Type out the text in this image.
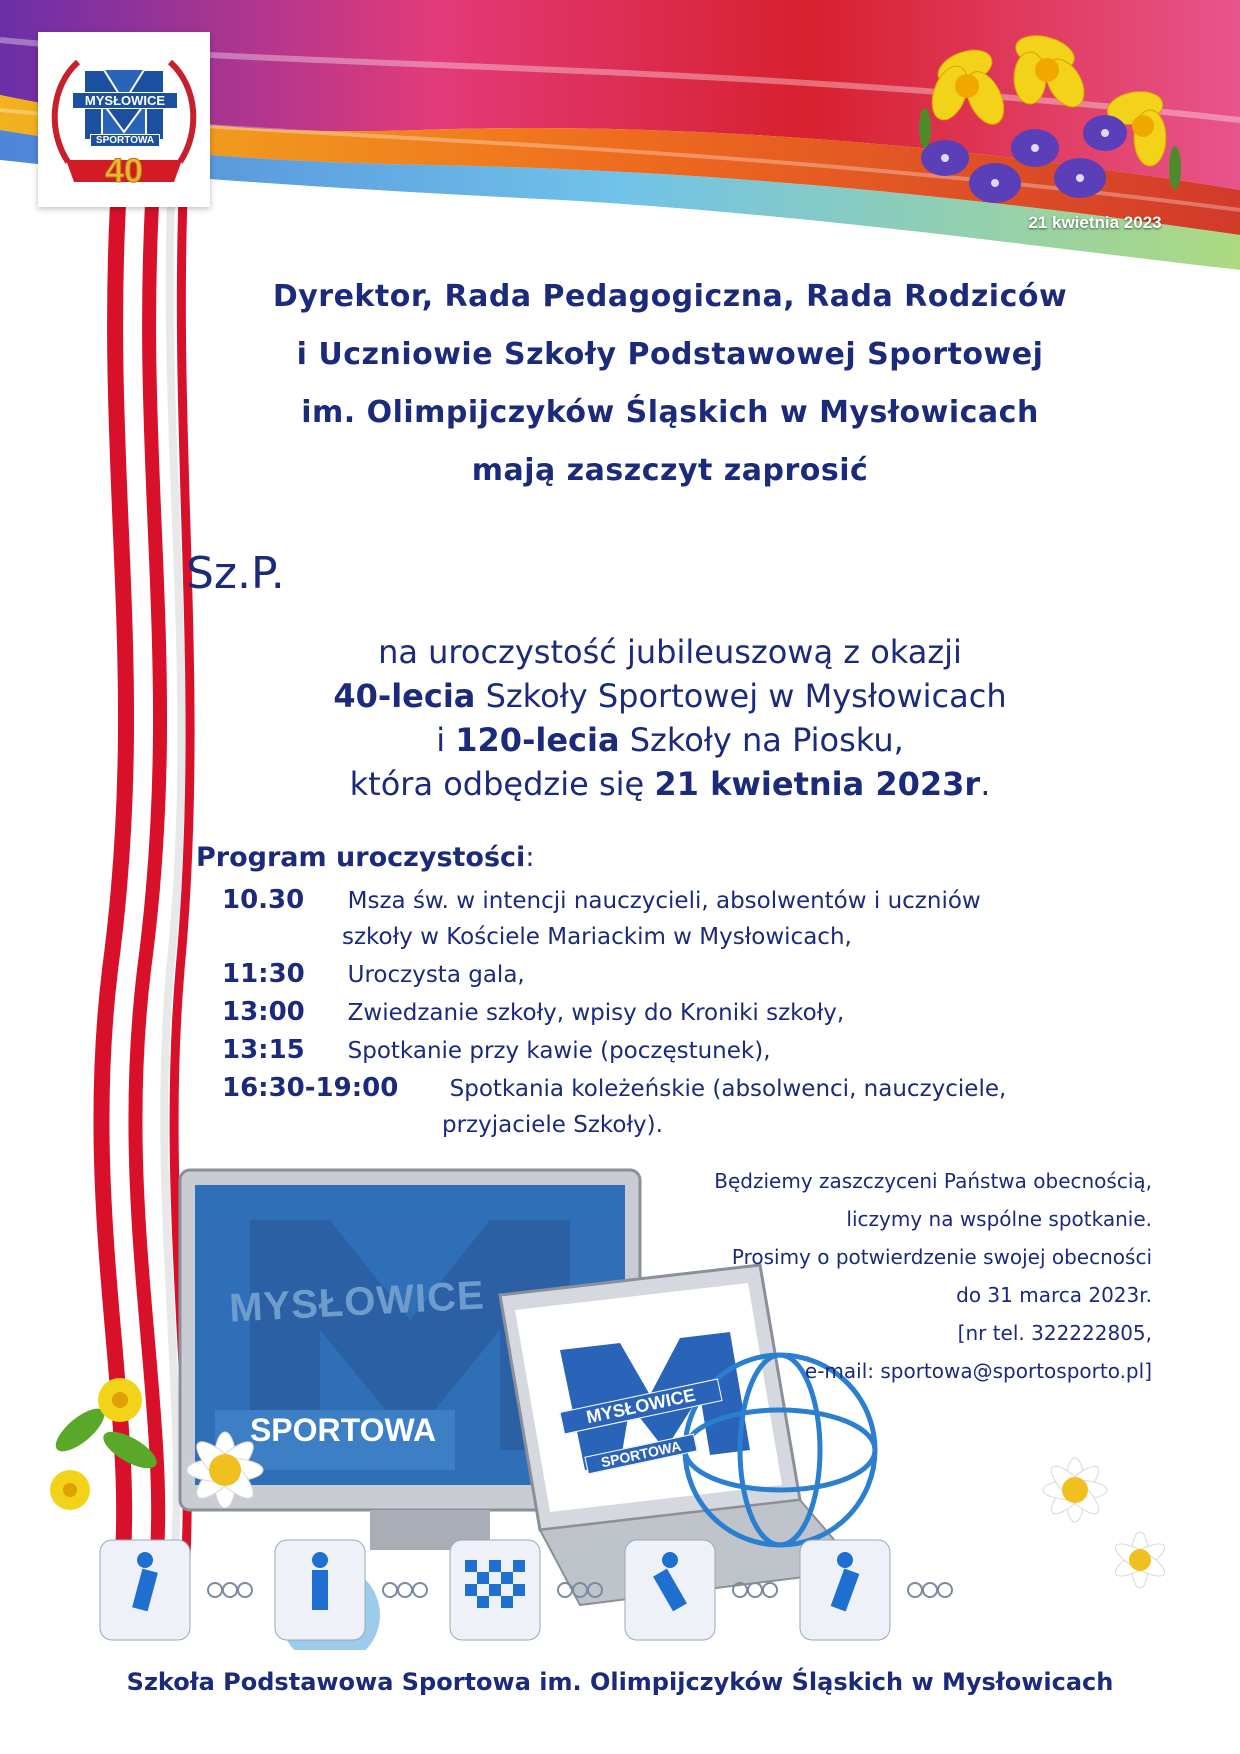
40
MYSŁOWICE
SPORTOWA
21 kwietnia 2023
Dyrektor, Rada Pedagogiczna, Rada Rodziców
i Uczniowie Szkoły Podstawowej Sportowej
im. Olimpijczyków Śląskich w Mysłowicach
mają zaszczyt zaprosić
Sz.P.
na uroczystość jubileuszową z okazji
40-lecia Szkoły Sportowej w Mysłowicach
i 120-lecia Szkoły na Piosku,
która odbędzie się 21 kwietnia 2023r.
Program uroczystości:
10.30 Msza św. w intencji nauczycieli, absolwentów i uczniów
szkoły w Kościele Mariackim w Mysłowicach,
11:30 Uroczysta gala,
13:00 Zwiedzanie szkoły, wpisy do Kroniki szkoły,
13:15 Spotkanie przy kawie (poczęstunek),
16:30-19:00 Spotkania koleżeńskie (absolwenci, nauczyciele,
przyjaciele Szkoły).
MYSŁOWICE
SPORTOWA
MYSŁOWICE
SPORTOWA
Będziemy zaszczyceni Państwa obecnością,
liczymy na wspólne spotkanie.
Prosimy o potwierdzenie swojej obecności
do 31 marca 2023r.
[nr tel. 322222805,
e-mail: sportowa@sportosporto.pl]
Szkoła Podstawowa Sportowa im. Olimpijczyków Śląskich w Mysłowicach
